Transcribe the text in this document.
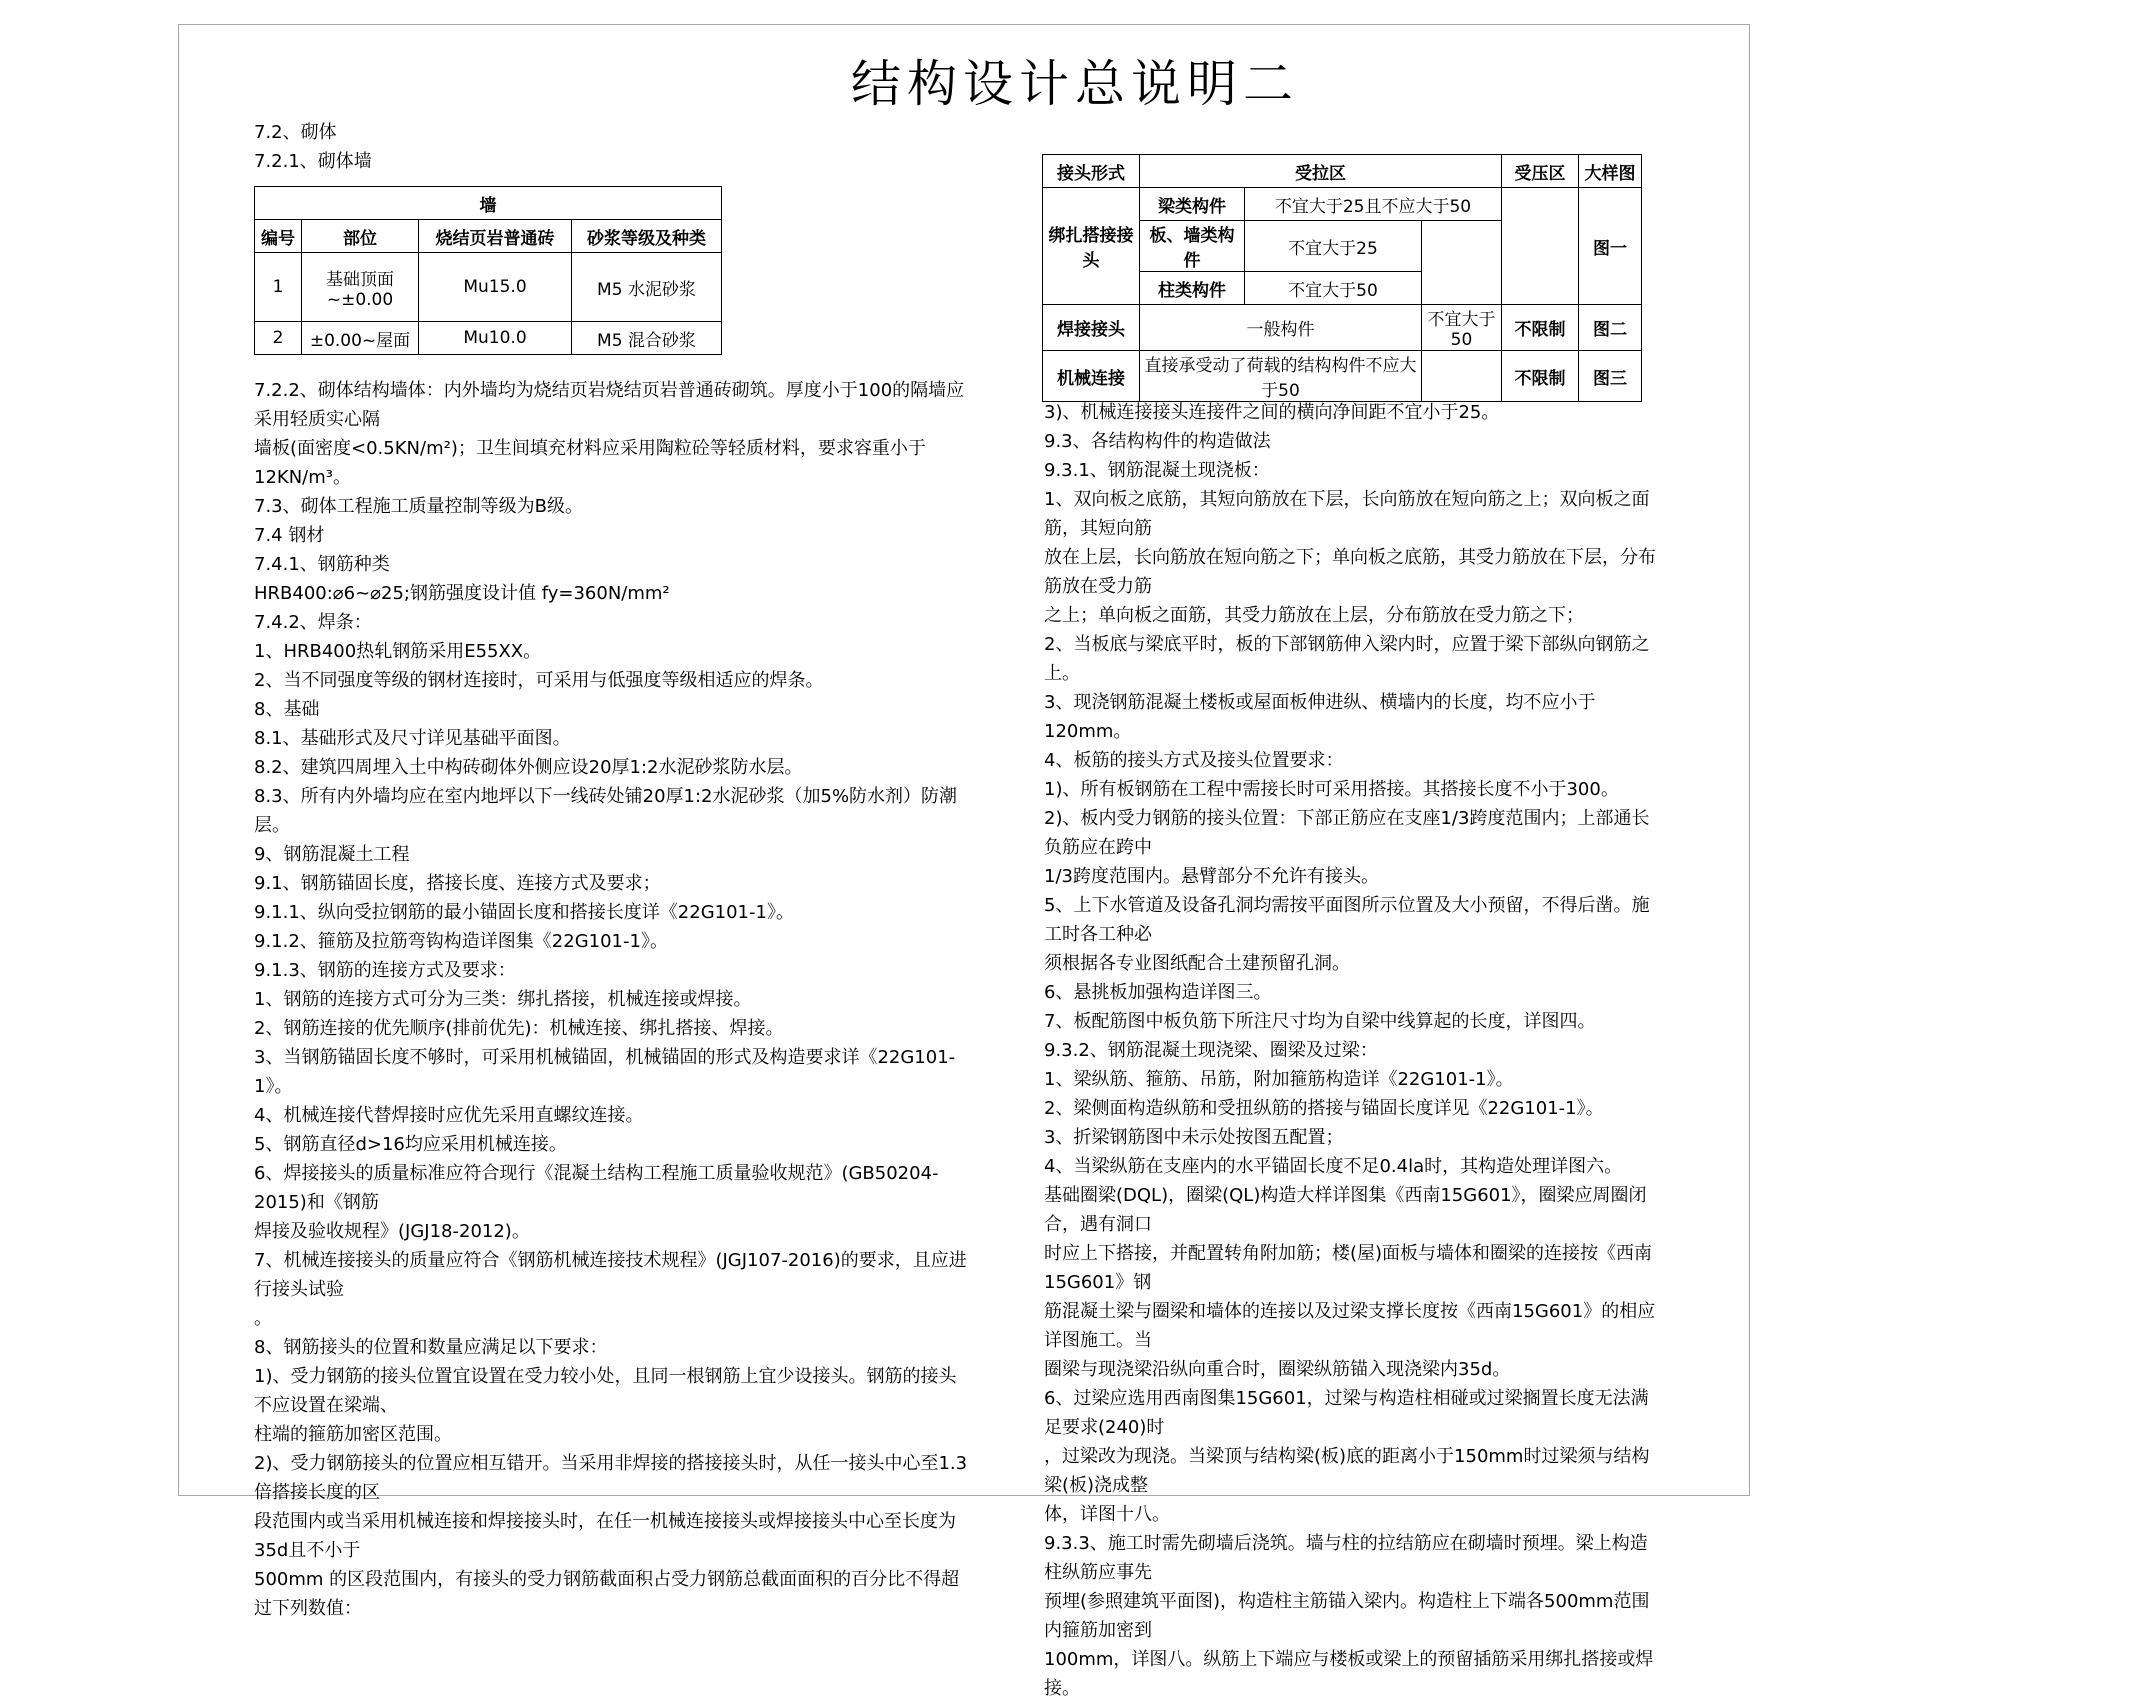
结构设计总说明二

7.2、砌体

7.2.1、砌体墙

墙			
编号	部位	烧结页岩普通砖	砂浆等级及种类
1	基础顶面~±0.00	Mu15.0	M5 水泥砂浆
2	±0.00~屋面	Mu10.0	M5 混合砂浆

7.2.2、砌体结构墙体：内外墙均为烧结页岩烧结页岩普通砖砌筑。厚度小于100的隔墙应采用轻质实心隔

墙板(面密度<0.5KN/m²)；卫生间填充材料应采用陶粒砼等轻质材料，要求容重小于12KN/m³。

7.3、砌体工程施工质量控制等级为B级。

7.4 钢材

7.4.1、钢筋种类

HRB400:⌀6~⌀25;钢筋强度设计值 fy=360N/mm²

7.4.2、焊条：

1、HRB400热轧钢筋采用E55XX。

2、当不同强度等级的钢材连接时，可采用与低强度等级相适应的焊条。

8、基础

8.1、基础形式及尺寸详见基础平面图。

8.2、建筑四周埋入土中构砖砌体外侧应设20厚1:2水泥砂浆防水层。

8.3、所有内外墙均应在室内地坪以下一线砖处铺20厚1:2水泥砂浆（加5%防水剂）防潮层。

9、钢筋混凝土工程

9.1、钢筋锚固长度，搭接长度、连接方式及要求；

9.1.1、纵向受拉钢筋的最小锚固长度和搭接长度详《22G101-1》。

9.1.2、箍筋及拉筋弯钩构造详图集《22G101-1》。

9.1.3、钢筋的连接方式及要求：

1、钢筋的连接方式可分为三类：绑扎搭接，机械连接或焊接。

2、钢筋连接的优先顺序(排前优先)：机械连接、绑扎搭接、焊接。

3、当钢筋锚固长度不够时，可采用机械锚固，机械锚固的形式及构造要求详《22G101-1》。

4、机械连接代替焊接时应优先采用直螺纹连接。

5、钢筋直径d>16均应采用机械连接。

6、焊接接头的质量标准应符合现行《混凝土结构工程施工质量验收规范》(GB50204-2015)和《钢筋

焊接及验收规程》(JGJ18-2012)。

7、机械连接接头的质量应符合《钢筋机械连接技术规程》(JGJ107-2016)的要求，且应进行接头试验

。

8、钢筋接头的位置和数量应满足以下要求：

1)、受力钢筋的接头位置宜设置在受力较小处，且同一根钢筋上宜少设接头。钢筋的接头不应设置在梁端、

柱端的箍筋加密区范围。

2)、受力钢筋接头的位置应相互错开。当采用非焊接的搭接接头时，从任一接头中心至1.3倍搭接长度的区

段范围内或当采用机械连接和焊接接头时，在任一机械连接接头或焊接接头中心至长度为35d且不小于

500mm 的区段范围内，有接头的受力钢筋截面积占受力钢筋总截面面积的百分比不得超过下列数值：

接头形式	受拉区			受压区	大样图
绑扎搭接接头	梁类构件	不宜大于25且不应大于50			图一
	板、墙类构件	不宜大于25			
	柱类构件	不宜大于50			
焊接接头	一般构件		不宜大于50	不限制	图二
机械连接	直接承受动了荷载的结构构件不应大于50			不限制	图三

3)、机械连接接头连接件之间的横向净间距不宜小于25。

9.3、各结构构件的构造做法

9.3.1、钢筋混凝土现浇板：

1、双向板之底筋，其短向筋放在下层，长向筋放在短向筋之上；双向板之面筋，其短向筋

放在上层，长向筋放在短向筋之下；单向板之底筋，其受力筋放在下层，分布筋放在受力筋

之上；单向板之面筋，其受力筋放在上层，分布筋放在受力筋之下；

2、当板底与梁底平时，板的下部钢筋伸入梁内时，应置于梁下部纵向钢筋之上。

3、现浇钢筋混凝土楼板或屋面板伸进纵、横墙内的长度，均不应小于120mm。

4、板筋的接头方式及接头位置要求：

1)、所有板钢筋在工程中需接长时可采用搭接。其搭接长度不小于300。

2)、板内受力钢筋的接头位置：下部正筋应在支座1/3跨度范围内；上部通长负筋应在跨中

1/3跨度范围内。悬臂部分不允许有接头。

5、上下水管道及设备孔洞均需按平面图所示位置及大小预留，不得后凿。施工时各工种必

须根据各专业图纸配合土建预留孔洞。

6、悬挑板加强构造详图三。

7、板配筋图中板负筋下所注尺寸均为自梁中线算起的长度，详图四。

9.3.2、钢筋混凝土现浇梁、圈梁及过梁：

1、梁纵筋、箍筋、吊筋，附加箍筋构造详《22G101-1》。

2、梁侧面构造纵筋和受扭纵筋的搭接与锚固长度详见《22G101-1》。

3、折梁钢筋图中未示处按图五配置；

4、当梁纵筋在支座内的水平锚固长度不足0.4la时，其构造处理详图六。

基础圈梁(DQL)，圈梁(QL)构造大样详图集《西南15G601》，圈梁应周圈闭合，遇有洞口

时应上下搭接，并配置转角附加筋；楼(屋)面板与墙体和圈梁的连接按《西南15G601》钢

筋混凝土梁与圈梁和墙体的连接以及过梁支撑长度按《西南15G601》的相应详图施工。当

圈梁与现浇梁沿纵向重合时，圈梁纵筋锚入现浇梁内35d。

6、过梁应选用西南图集15G601，过梁与构造柱相碰或过梁搁置长度无法满足要求(240)时

，过梁改为现浇。当梁顶与结构梁(板)底的距离小于150mm时过梁须与结构梁(板)浇成整

体，详图十八。

9.3.3、施工时需先砌墙后浇筑。墙与柱的拉结筋应在砌墙时预埋。梁上构造柱纵筋应事先

预埋(参照建筑平面图)，构造柱主筋锚入梁内。构造柱上下端各500mm范围内箍筋加密到

100mm，详图八。纵筋上下端应与楼板或梁上的预留插筋采用绑扎搭接或焊接。
